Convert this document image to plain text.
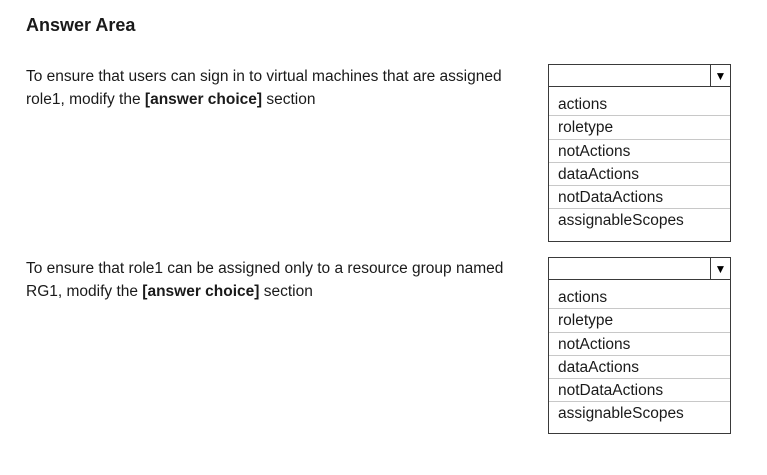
Answer Area
To ensure that users can sign in to virtual machines that are assigned role1, modify the [answer choice] section
▼
actions
roletype
notActions
dataActions
notDataActions
assignableScopes
To ensure that role1 can be assigned only to a resource group named RG1, modify the [answer choice] section
▼
actions
roletype
notActions
dataActions
notDataActions
assignableScopes
